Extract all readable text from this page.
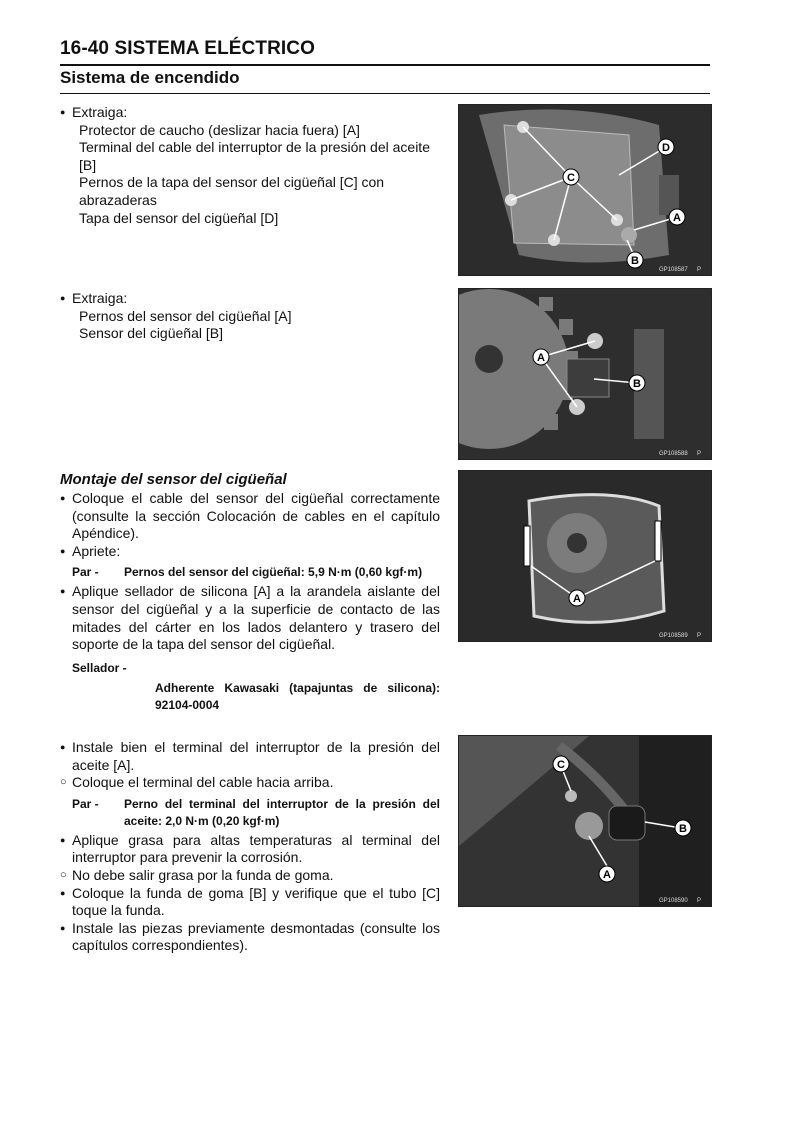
16-40 SISTEMA ELÉCTRICO
Sistema de encendido

● Extraiga:

Protector de caucho (deslizar hacia fuera) [A]

Terminal del cable del interruptor de la presión del aceite [B]

Pernos de la tapa del sensor del cigüeñal [C] con abrazaderas

Tapa del sensor del cigüeñal [D]

● Extraiga:

Pernos del sensor del cigüeñal [A]

Sensor del cigüeñal [B]

Montaje del sensor del cigüeñal

● Coloque el cable del sensor del cigüeñal correctamente (consulte la sección Colocación de cables en el capítulo Apéndice).

● Apriete:

Par -	Pernos del sensor del cigüeñal: 5,9 N·m (0,60 kgf·m)

● Aplique sellador de silicona [A] a la arandela aislante del sensor del cigüeñal y a la superficie de contacto de las mitades del cárter en los lados delantero y trasero del soporte de la tapa del sensor del cigüeñal.

Sellador -
Adherente Kawasaki (tapajuntas de silicona): 92104-0004

● Instale bien el terminal del interruptor de la presión del aceite [A].

○ Coloque el terminal del cable hacia arriba.

Par -	Perno del terminal del interruptor de la presión del aceite: 2,0 N·m (0,20 kgf·m)

● Aplique grasa para altas temperaturas al terminal del interruptor para prevenir la corrosión.

○ No debe salir grasa por la funda de goma.

● Coloque la funda de goma [B] y verifique que el tubo [C] toque la funda.

● Instale las piezas previamente desmontadas (consulte los capítulos correspondientes).

C
D
A
B
GP108587 P
A
B
GP108588 P
A
GP108589 P
A
B
C
GP108590 P
